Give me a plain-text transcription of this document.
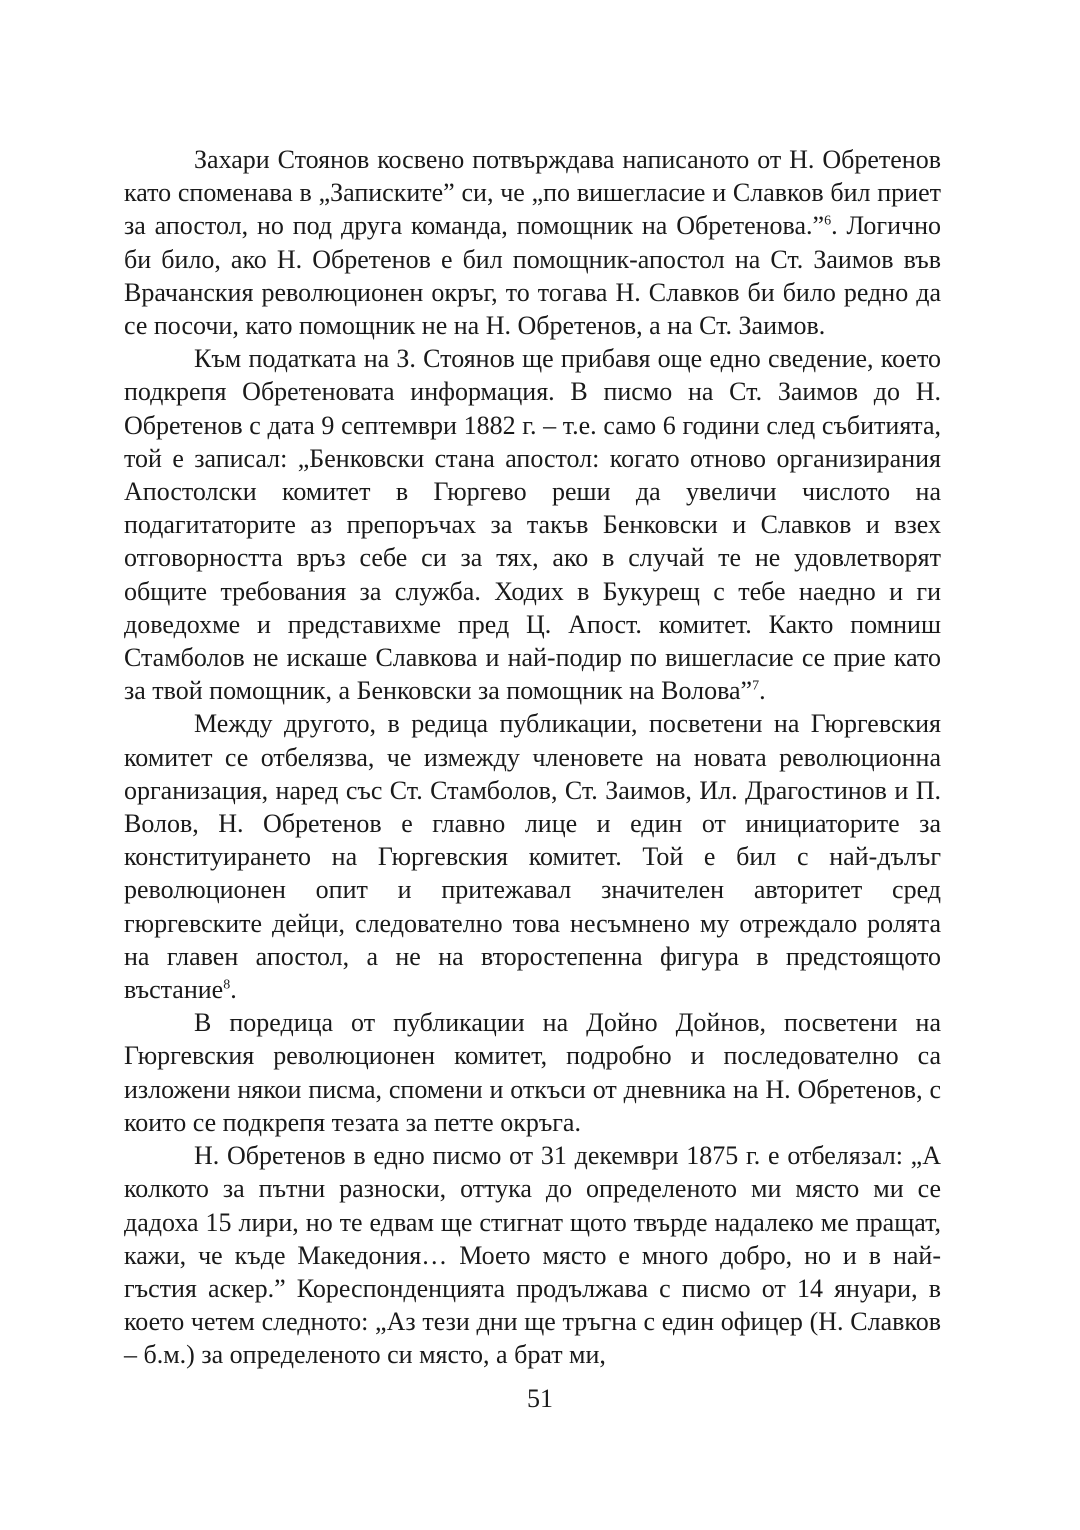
Захари Стоянов косвено потвърждава написаното от Н. Обретенов като споменава в „Записките” си, че „по вишегласие и Славков бил приет за апостол, но под друга команда, помощник на Обретенова.”$^6$. Логично би било, ако Н. Обретенов е бил помощник-апостол на Ст. Заимов във Врачанския революционен окръг, то тогава Н. Славков би било редно да се посочи, като помощник не на Н. Обретенов, а на Ст. Заимов.

Към податката на З. Стоянов ще прибавя още едно сведение, което подкрепя Обретеновата информация. В писмо на Ст. Заимов до Н. Обретенов с дата 9 септември 1882 г. – т.е. само 6 години след събитията, той е записал: „Бенковски стана апостол: когато отново организирания Апостолски комитет в Гюргево реши да увеличи числото на подагитаторите аз препоръчах за такъв Бенковски и Славков и взех отговорността връз себе си за тях, ако в случай те не удовлетворят общите требования за служба. Ходих в Букурещ с тебе наедно и ги доведохме и представихме пред Ц. Апост. комитет. Както помниш Стамболов не искаше Славкова и най-подир по вишегласие се прие като за твой помощник, а Бенковски за помощник на Волова”$^7$.

Между другото, в редица публикации, посветени на Гюргевския комитет се отбелязва, че измежду членовете на новата революционна организация, наред със Ст. Стамболов, Ст. Заимов, Ил. Драгостинов и П. Волов, Н. Обретенов е главно лице и един от инициаторите за конституирането на Гюргевския комитет. Той е бил с най-дълъг революционен опит и притежавал значителен авторитет сред гюргевските дейци, следователно това несъмнено му отреждало ролята на главен апостол, а не на второстепенна фигура в предстоящото въстание$^8$.

В поредица от публикации на Дойно Дойнов, посветени на Гюргевския революционен комитет, подробно и последователно са изложени някои писма, спомени и откъси от дневника на Н. Обретенов, с които се подкрепя тезата за петте окръга.

Н. Обретенов в едно писмо от 31 декември 1875 г. е отбелязал: „А колкото за пътни разноски, оттука до определеното ми място ми се дадоха 15 лири, но те едвам ще стигнат щото твърде надалеко ме пращат, кажи, че къде Македония… Моето място е много добро, но и в най-гъстия аскер.” Кореспонденцията продължава с писмо от 14 януари, в което четем следното: „Аз тези дни ще тръгна с един офицер (Н. Славков – б.м.) за определеното си място, а брат ми,

51
